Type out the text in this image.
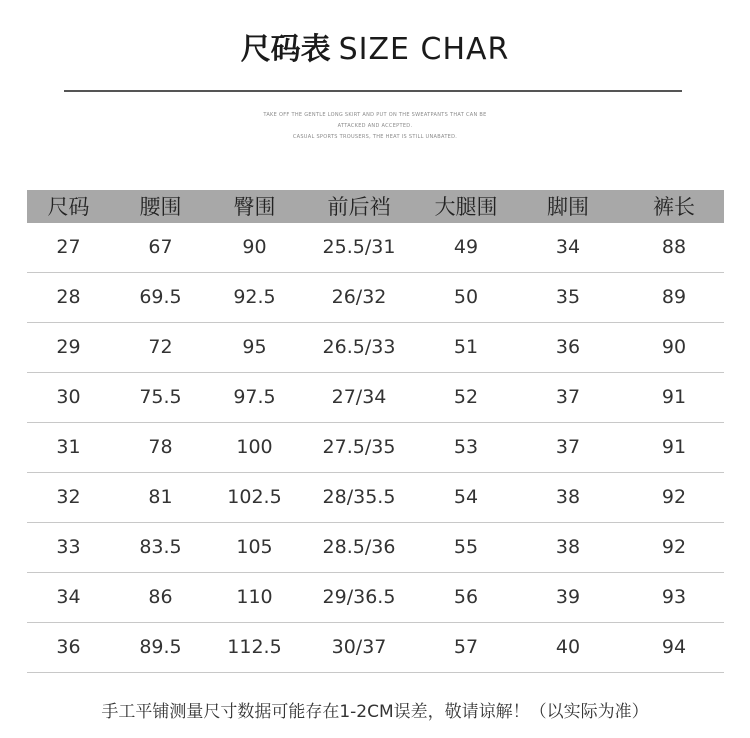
尺码表 SIZE CHAR
TAKE OFF THE GENTLE LONG SKIRT AND PUT ON THE SWEATPANTS THAT CAN BE
ATTACKED AND ACCEPTED.
CASUAL SPORTS TROUSERS, THE HEAT IS STILL UNABATED.
尺码	腰围	臀围	前后裆	大腿围	脚围	裤长
27	67	90	25.5/31	49	34	88
28	69.5	92.5	26/32	50	35	89
29	72	95	26.5/33	51	36	90
30	75.5	97.5	27/34	52	37	91
31	78	100	27.5/35	53	37	91
32	81	102.5	28/35.5	54	38	92
33	83.5	105	28.5/36	55	38	92
34	86	110	29/36.5	56	39	93
36	89.5	112.5	30/37	57	40	94
手工平铺测量尺寸数据可能存在1-2CM误差，敬请谅解！（以实际为准）
